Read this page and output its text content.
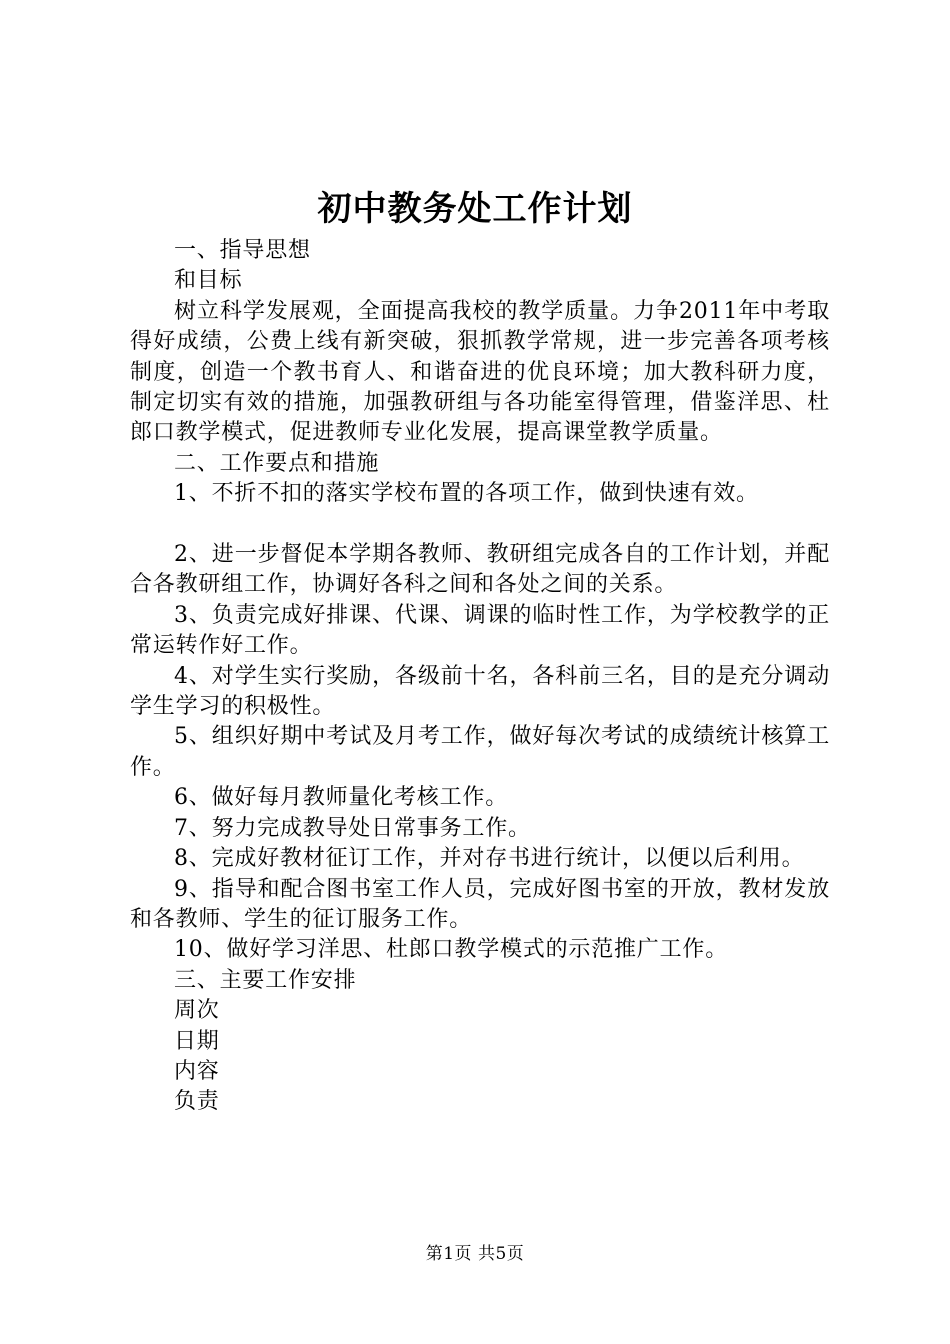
初中教务处工作计划

一、指导思想

和目标

树立科学发展观，全面提高我校的教学质量。力争2011年中考取得好成绩，公费上线有新突破，狠抓教学常规，进一步完善各项考核制度，创造一个教书育人、和谐奋进的优良环境；加大教科研力度，制定切实有效的措施，加强教研组与各功能室得管理，借鉴洋思、杜郎口教学模式，促进教师专业化发展，提高课堂教学质量。

二、工作要点和措施

1、不折不扣的落实学校布置的各项工作，做到快速有效。

2、进一步督促本学期各教师、教研组完成各自的工作计划，并配合各教研组工作，协调好各科之间和各处之间的关系。

3、负责完成好排课、代课、调课的临时性工作，为学校教学的正常运转作好工作。

4、对学生实行奖励，各级前十名，各科前三名，目的是充分调动学生学习的积极性。

5、组织好期中考试及月考工作，做好每次考试的成绩统计核算工作。

6、做好每月教师量化考核工作。

7、努力完成教导处日常事务工作。

8、完成好教材征订工作，并对存书进行统计，以便以后利用。

9、指导和配合图书室工作人员，完成好图书室的开放，教材发放和各教师、学生的征订服务工作。

10、做好学习洋思、杜郎口教学模式的示范推广工作。

三、主要工作安排

周次

日期

内容

负责

第1页 共5页
